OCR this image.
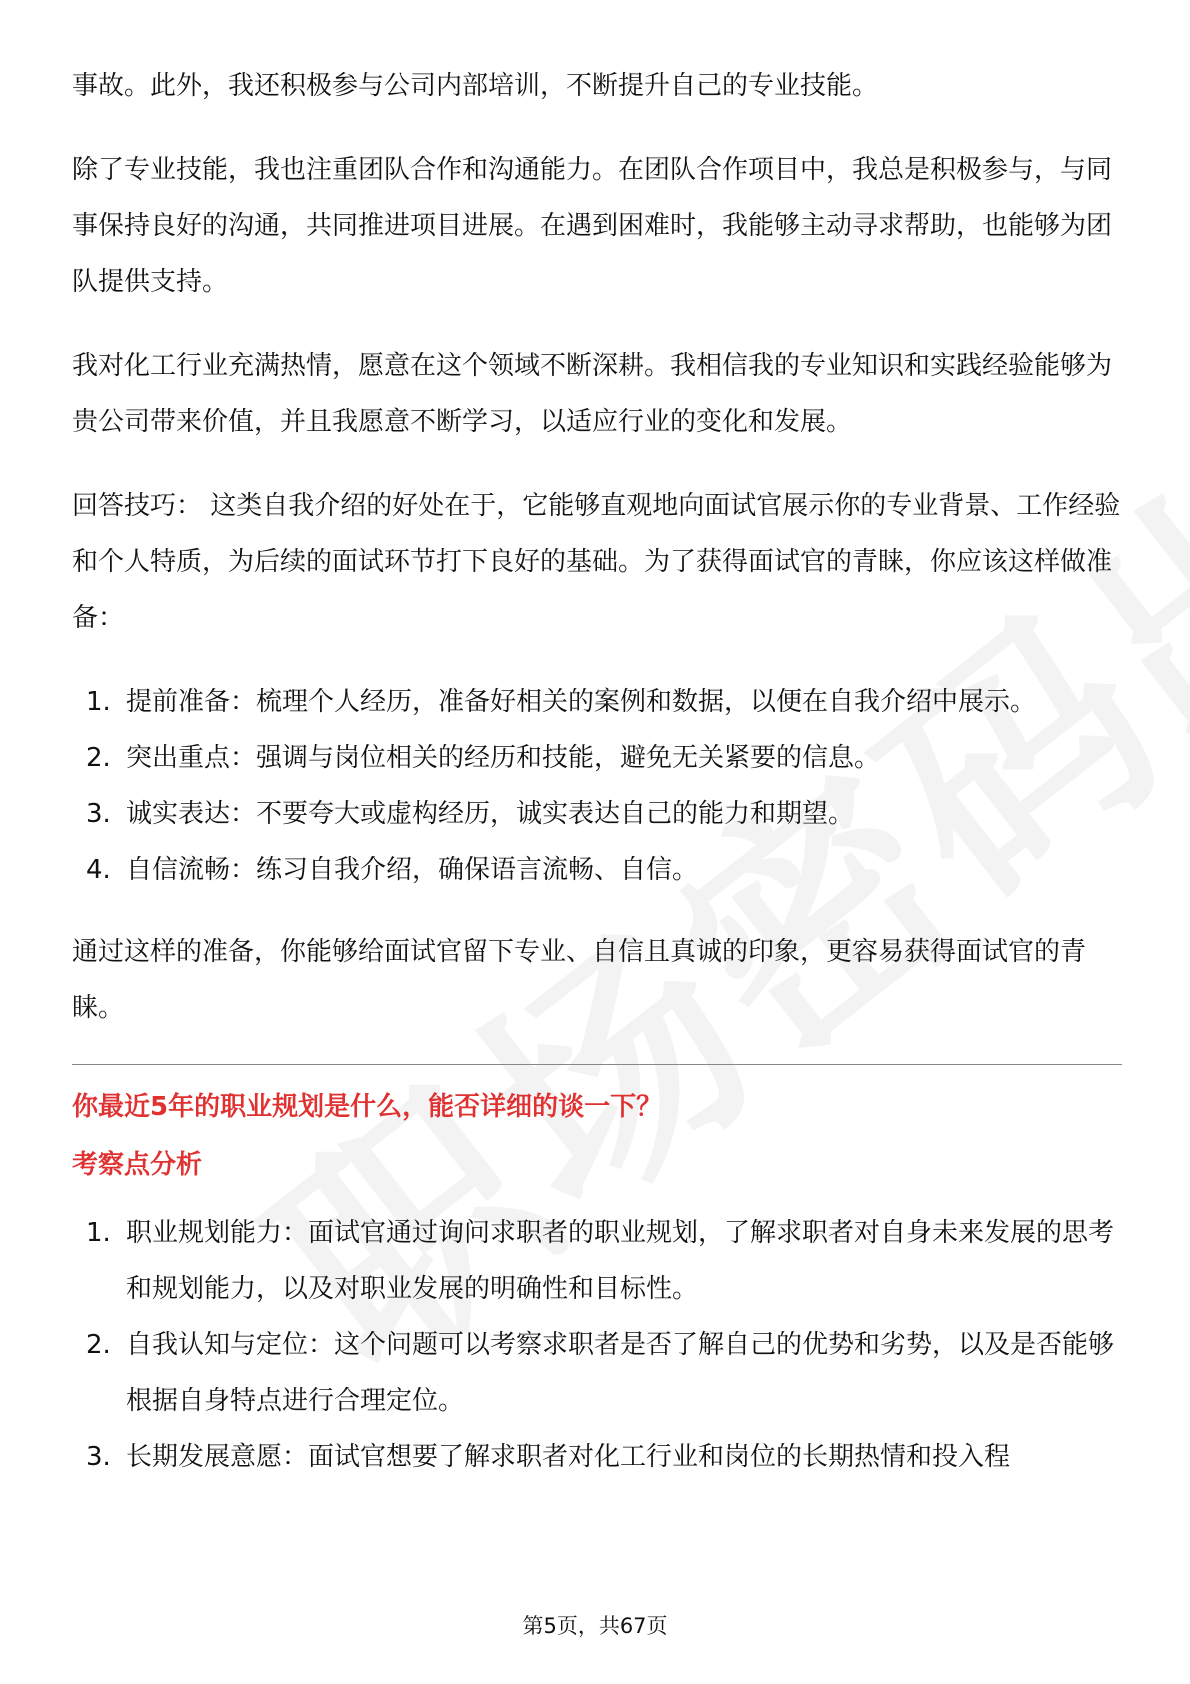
事故。此外，我还积极参与公司内部培训，不断提升自己的专业技能。

除了专业技能，我也注重团队合作和沟通能力。在团队合作项目中，我总是积极参与，与同事保持良好的沟通，共同推进项目进展。在遇到困难时，我能够主动寻求帮助，也能够为团队提供支持。

我对化工行业充满热情，愿意在这个领域不断深耕。我相信我的专业知识和实践经验能够为贵公司带来价值，并且我愿意不断学习，以适应行业的变化和发展。

回答技巧： 这类自我介绍的好处在于，它能够直观地向面试官展示你的专业背景、工作经验和个人特质，为后续的面试环节打下良好的基础。为了获得面试官的青睐，你应该这样做准备：

1. 提前准备：梳理个人经历，准备好相关的案例和数据，以便在自我介绍中展示。
2. 突出重点：强调与岗位相关的经历和技能，避免无关紧要的信息。
3. 诚实表达：不要夸大或虚构经历，诚实表达自己的能力和期望。
4. 自信流畅：练习自我介绍，确保语言流畅、自信。

通过这样的准备，你能够给面试官留下专业、自信且真诚的印象，更容易获得面试官的青睐。

你最近5年的职业规划是什么，能否详细的谈一下？
考察点分析
1. 职业规划能力：面试官通过询问求职者的职业规划，了解求职者对自身未来发展的思考和规划能力，以及对职业发展的明确性和目标性。
2. 自我认知与定位：这个问题可以考察求职者是否了解自己的优势和劣势，以及是否能够根据自身特点进行合理定位。
3. 长期发展意愿：面试官想要了解求职者对化工行业和岗位的长期热情和投入程
第5页，共67页
